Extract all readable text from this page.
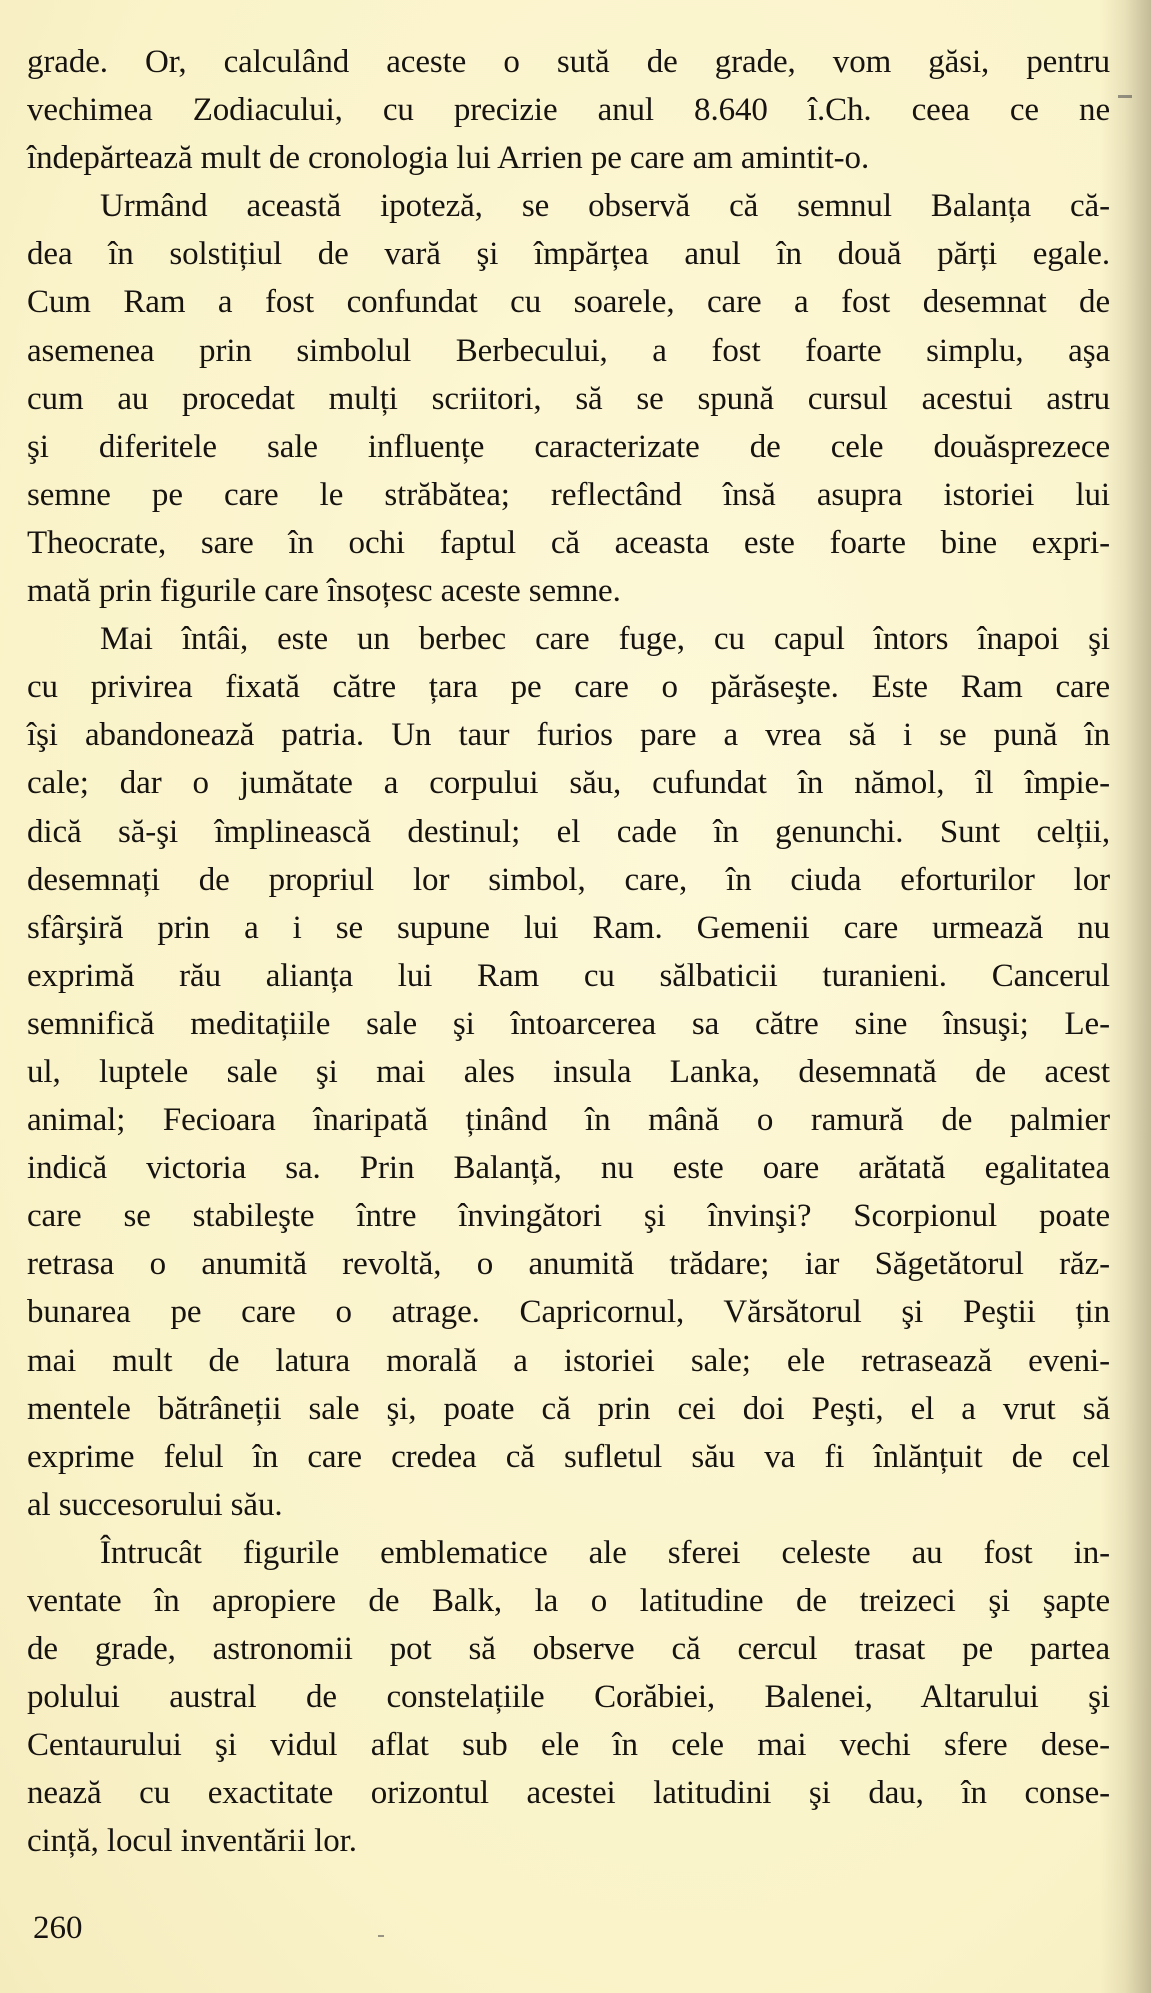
grade. Or, calculând aceste o sută de grade, vom găsi, pentru
vechimea Zodiacului, cu precizie anul 8.640 î.Ch. ceea ce ne
îndepărtează mult de cronologia lui Arrien pe care am amintit-o.
Urmând această ipoteză, se observă că semnul Balanța că-
dea în solstițiul de vară şi împărțea anul în două părți egale.
Cum Ram a fost confundat cu soarele, care a fost desemnat de
asemenea prin simbolul Berbecului, a fost foarte simplu, aşa
cum au procedat mulți scriitori, să se spună cursul acestui astru
şi diferitele sale influențe caracterizate de cele douăsprezece
semne pe care le străbătea; reflectând însă asupra istoriei lui
Theocrate, sare în ochi faptul că aceasta este foarte bine expri-
mată prin figurile care însoțesc aceste semne.
Mai întâi, este un berbec care fuge, cu capul întors înapoi şi
cu privirea fixată către țara pe care o părăseşte. Este Ram care
îşi abandonează patria. Un taur furios pare a vrea să i se pună în
cale; dar o jumătate a corpului său, cufundat în nămol, îl împie-
dică să-şi împlinească destinul; el cade în genunchi. Sunt celții,
desemnați de propriul lor simbol, care, în ciuda eforturilor lor
sfârşiră prin a i se supune lui Ram. Gemenii care urmează nu
exprimă rău alianța lui Ram cu sălbaticii turanieni. Cancerul
semnifică meditațiile sale şi întoarcerea sa către sine însuşi; Le-
ul, luptele sale şi mai ales insula Lanka, desemnată de acest
animal; Fecioara înaripată ținând în mână o ramură de palmier
indică victoria sa. Prin Balanță, nu este oare arătată egalitatea
care se stabileşte între învingători şi învinşi? Scorpionul poate
retrasa o anumită revoltă, o anumită trădare; iar Săgetătorul răz-
bunarea pe care o atrage. Capricornul, Vărsătorul şi Peştii țin
mai mult de latura morală a istoriei sale; ele retrasează eveni-
mentele bătrâneții sale şi, poate că prin cei doi Peşti, el a vrut să
exprime felul în care credea că sufletul său va fi înlănțuit de cel
al succesorului său.
Întrucât figurile emblematice ale sferei celeste au fost in-
ventate în apropiere de Balk, la o latitudine de treizeci şi şapte
de grade, astronomii pot să observe că cercul trasat pe partea
polului austral de constelațiile Corăbiei, Balenei, Altarului şi
Centaurului şi vidul aflat sub ele în cele mai vechi sfere dese-
nează cu exactitate orizontul acestei latitudini şi dau, în conse-
cință, locul inventării lor.
260
